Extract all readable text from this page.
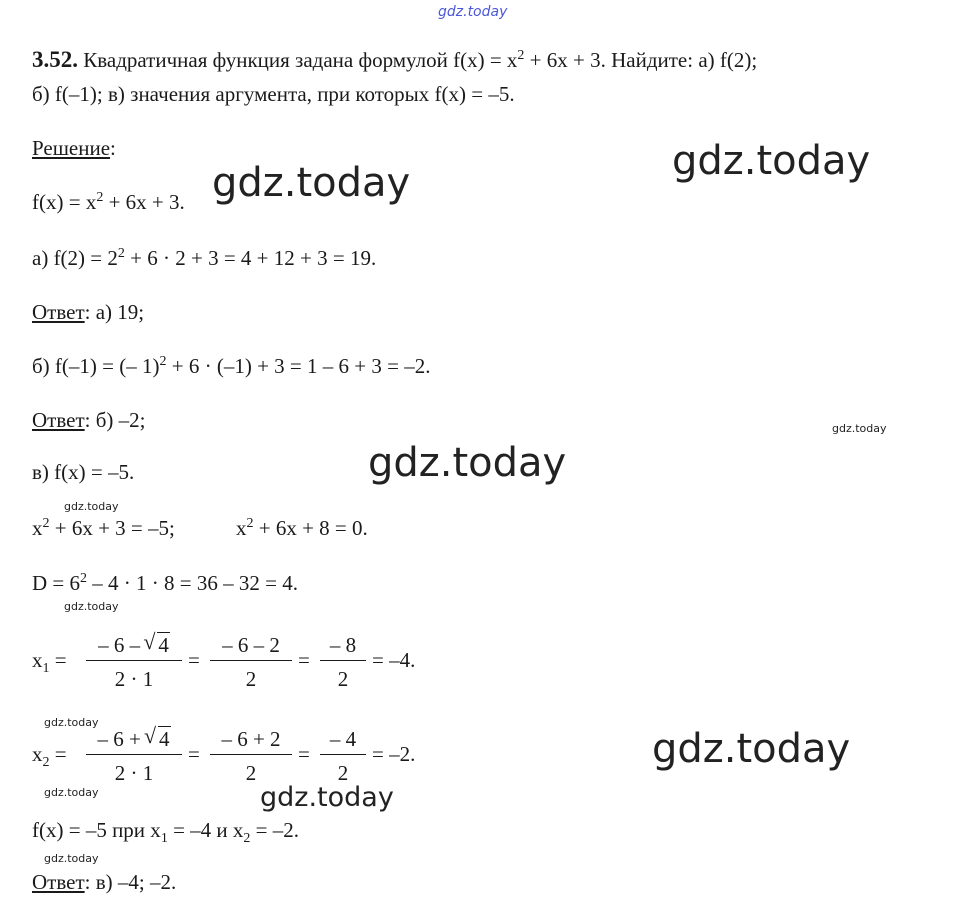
gdz.today
gdz.today	gdz.today
gdz.today
gdz.today
gdz.today
gdz.today
gdz.today
gdz.today
gdz.today
gdz.today
gdz.today
3.52. Квадратичная функция задана формулой $f(x) = x^2 + 6x + 3$. Найдите: а) f(2);
б) f(–1); в) значения аргумента, при которых f(x) = –5.
Решение:
$f(x) = x^2 + 6x + 3$.
а) $f(2) = 2^2 + 6 \cdot 2 + 3 = 4 + 12 + 3 = 19$.
Ответ: а) 19;
б) f(–1) = (– 1)$^2$ + 6 · (–1) + 3 = 1 – 6 + 3 = –2.
Ответ: б) –2;
в) f(x) = –5.
$x^2 + 6x + 3 = -5$;	$x^2 + 6x + 8 = 0$.
$D = 6^2 - 4 \cdot 1 \cdot 8 = 36 - 32 = 4$.
$x_1$ =
– 6 – √ 4
2 · 1
=
– 6 – 2
2
=
– 8
2
= –4.
$x_2$ =
– 6 + √ 4
2 · 1
=
– 6 + 2
2
=
– 4
2
= –2.
f(x) = –5 при $x_1 = -4$ и $x_2 = -2$.
Ответ: в) –4; –2.
